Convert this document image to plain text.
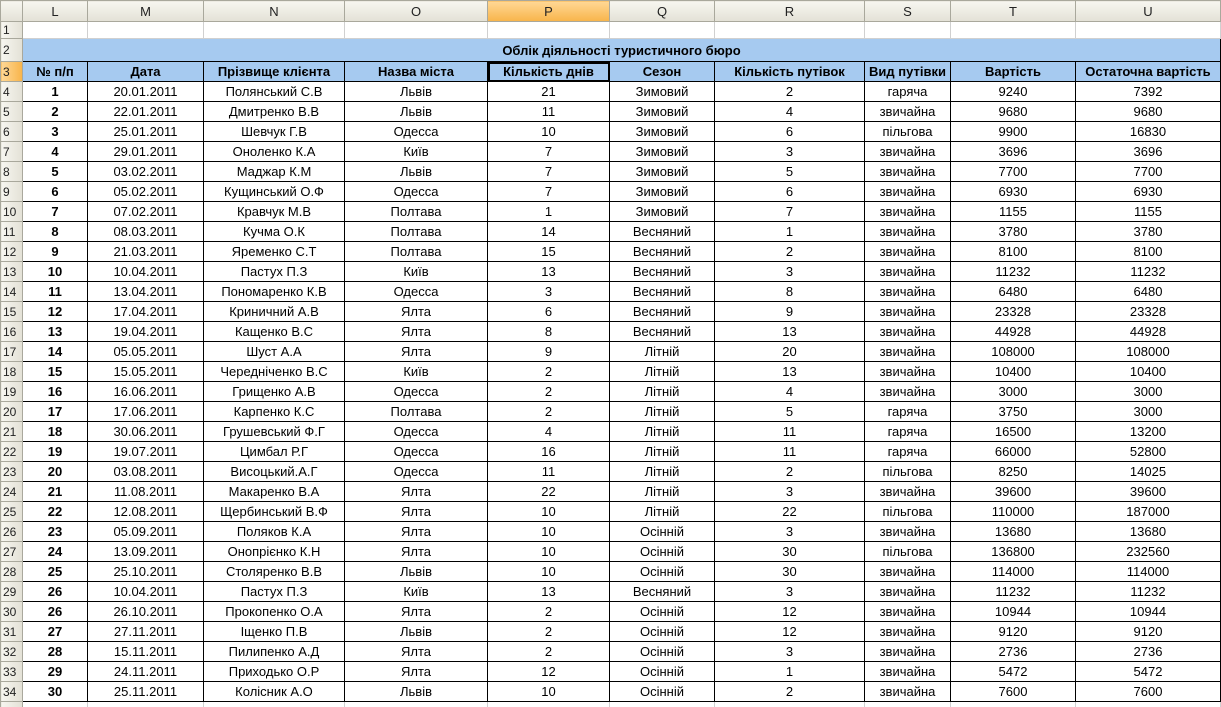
	L	M	N	O	P	Q	R	S	T	U
1										
2	Облік діяльності туристичного бюро									
3	№ п/п	Дата	Прізвище клієнта	Назва міста	Кількість днів	Сезон	Кількість путівок	Вид путівки	Вартість	Остаточна вартість
4	1	20.01.2011	Полянський С.В	Львів	21	Зимовий	2	гаряча	9240	7392
5	2	22.01.2011	Дмитренко В.В	Львів	11	Зимовий	4	звичайна	9680	9680
6	3	25.01.2011	Шевчук Г.В	Одесса	10	Зимовий	6	пільгова	9900	16830
7	4	29.01.2011	Оноленко К.А	Київ	7	Зимовий	3	звичайна	3696	3696
8	5	03.02.2011	Маджар К.М	Львів	7	Зимовий	5	звичайна	7700	7700
9	6	05.02.2011	Кущинський О.Ф	Одесса	7	Зимовий	6	звичайна	6930	6930
10	7	07.02.2011	Кравчук М.В	Полтава	1	Зимовий	7	звичайна	1155	1155
11	8	08.03.2011	Кучма О.К	Полтава	14	Весняний	1	звичайна	3780	3780
12	9	21.03.2011	Яременко С.Т	Полтава	15	Весняний	2	звичайна	8100	8100
13	10	10.04.2011	Пастух П.З	Київ	13	Весняний	3	звичайна	11232	11232
14	11	13.04.2011	Пономаренко К.В	Одесса	3	Весняний	8	звичайна	6480	6480
15	12	17.04.2011	Криничний А.В	Ялта	6	Весняний	9	звичайна	23328	23328
16	13	19.04.2011	Кащенко В.С	Ялта	8	Весняний	13	звичайна	44928	44928
17	14	05.05.2011	Шуст А.А	Ялта	9	Літній	20	звичайна	108000	108000
18	15	15.05.2011	Чередніченко В.С	Київ	2	Літній	13	звичайна	10400	10400
19	16	16.06.2011	Грищенко А.В	Одесса	2	Літній	4	звичайна	3000	3000
20	17	17.06.2011	Карпенко К.С	Полтава	2	Літній	5	гаряча	3750	3000
21	18	30.06.2011	Грушевський Ф.Г	Одесса	4	Літній	11	гаряча	16500	13200
22	19	19.07.2011	Цимбал Р.Г	Одесса	16	Літній	11	гаряча	66000	52800
23	20	03.08.2011	Висоцький.А.Г	Одесса	11	Літній	2	пільгова	8250	14025
24	21	11.08.2011	Макаренко В.А	Ялта	22	Літній	3	звичайна	39600	39600
25	22	12.08.2011	Щербинський В.Ф	Ялта	10	Літній	22	пільгова	110000	187000
26	23	05.09.2011	Поляков К.А	Ялта	10	Осінній	3	звичайна	13680	13680
27	24	13.09.2011	Онопрієнко К.Н	Ялта	10	Осінній	30	пільгова	136800	232560
28	25	25.10.2011	Столяренко В.В	Львів	10	Осінній	30	звичайна	114000	114000
29	26	10.04.2011	Пастух П.З	Київ	13	Весняний	3	звичайна	11232	11232
30	26	26.10.2011	Прокопенко О.А	Ялта	2	Осінній	12	звичайна	10944	10944
31	27	27.11.2011	Іщенко П.В	Львів	2	Осінній	12	звичайна	9120	9120
32	28	15.11.2011	Пилипенко А.Д	Ялта	2	Осінній	3	звичайна	2736	2736
33	29	24.11.2011	Приходько О.Р	Ялта	12	Осінній	1	звичайна	5472	5472
34	30	25.11.2011	Колісник А.О	Львів	10	Осінній	2	звичайна	7600	7600
